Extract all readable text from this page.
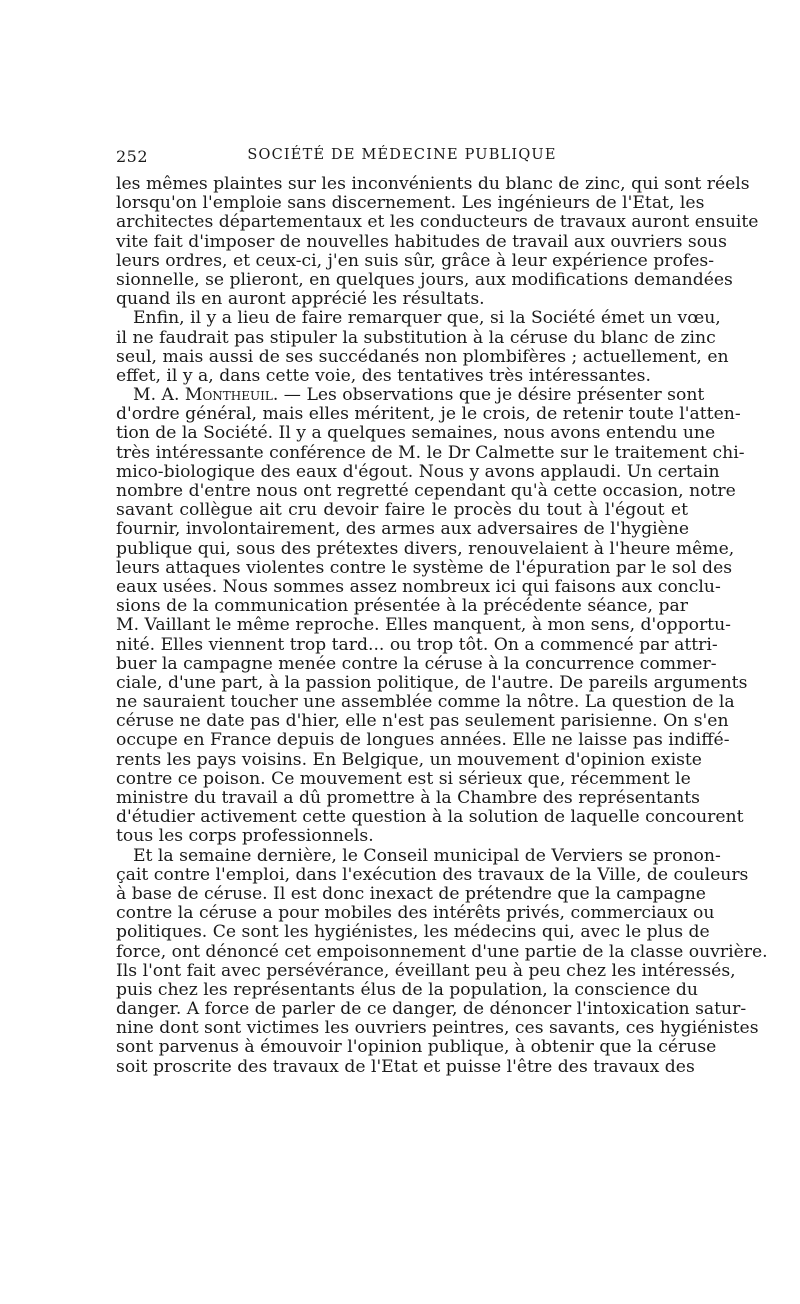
252	SOCIÉTÉ DE MÉDECINE PUBLIQUE
les mêmes plaintes sur les inconvénients du blanc de zinc, qui sont réels
lorsqu'on l'emploie sans discernement. Les ingénieurs de l'Etat, les
architectes départementaux et les conducteurs de travaux auront ensuite
vite fait d'imposer de nouvelles habitudes de travail aux ouvriers sous
leurs ordres, et ceux-ci, j'en suis sûr, grâce à leur expérience profes-
sionnelle, se plieront, en quelques jours, aux modifications demandées
quand ils en auront apprécié les résultats.
Enfin, il y a lieu de faire remarquer que, si la Société émet un vœu,
il ne faudrait pas stipuler la substitution à la céruse du blanc de zinc
seul, mais aussi de ses succédanés non plombifères ; actuellement, en
effet, il y a, dans cette voie, des tentatives très intéressantes.
M. A. Montheuil. — Les observations que je désire présenter sont
d'ordre général, mais elles méritent, je le crois, de retenir toute l'atten-
tion de la Société. Il y a quelques semaines, nous avons entendu une
très intéressante conférence de M. le Dr Calmette sur le traitement chi-
mico-biologique des eaux d'égout. Nous y avons applaudi. Un certain
nombre d'entre nous ont regretté cependant qu'à cette occasion, notre
savant collègue ait cru devoir faire le procès du tout à l'égout et
fournir, involontairement, des armes aux adversaires de l'hygiène
publique qui, sous des prétextes divers, renouvelaient à l'heure même,
leurs attaques violentes contre le système de l'épuration par le sol des
eaux usées. Nous sommes assez nombreux ici qui faisons aux conclu-
sions de la communication présentée à la précédente séance, par
M. Vaillant le même reproche. Elles manquent, à mon sens, d'opportu-
nité. Elles viennent trop tard... ou trop tôt. On a commencé par attri-
buer la campagne menée contre la céruse à la concurrence commer-
ciale, d'une part, à la passion politique, de l'autre. De pareils arguments
ne sauraient toucher une assemblée comme la nôtre. La question de la
céruse ne date pas d'hier, elle n'est pas seulement parisienne. On s'en
occupe en France depuis de longues années. Elle ne laisse pas indiffé-
rents les pays voisins. En Belgique, un mouvement d'opinion existe
contre ce poison. Ce mouvement est si sérieux que, récemment le
ministre du travail a dû promettre à la Chambre des représentants
d'étudier activement cette question à la solution de laquelle concourent
tous les corps professionnels.
Et la semaine dernière, le Conseil municipal de Verviers se pronon-
çait contre l'emploi, dans l'exécution des travaux de la Ville, de couleurs
à base de céruse. Il est donc inexact de prétendre que la campagne
contre la céruse a pour mobiles des intérêts privés, commerciaux ou
politiques. Ce sont les hygiénistes, les médecins qui, avec le plus de
force, ont dénoncé cet empoisonnement d'une partie de la classe ouvrière.
Ils l'ont fait avec persévérance, éveillant peu à peu chez les intéressés,
puis chez les représentants élus de la population, la conscience du
danger. A force de parler de ce danger, de dénoncer l'intoxication satur-
nine dont sont victimes les ouvriers peintres, ces savants, ces hygiénistes
sont parvenus à émouvoir l'opinion publique, à obtenir que la céruse
soit proscrite des travaux de l'Etat et puisse l'être des travaux des
